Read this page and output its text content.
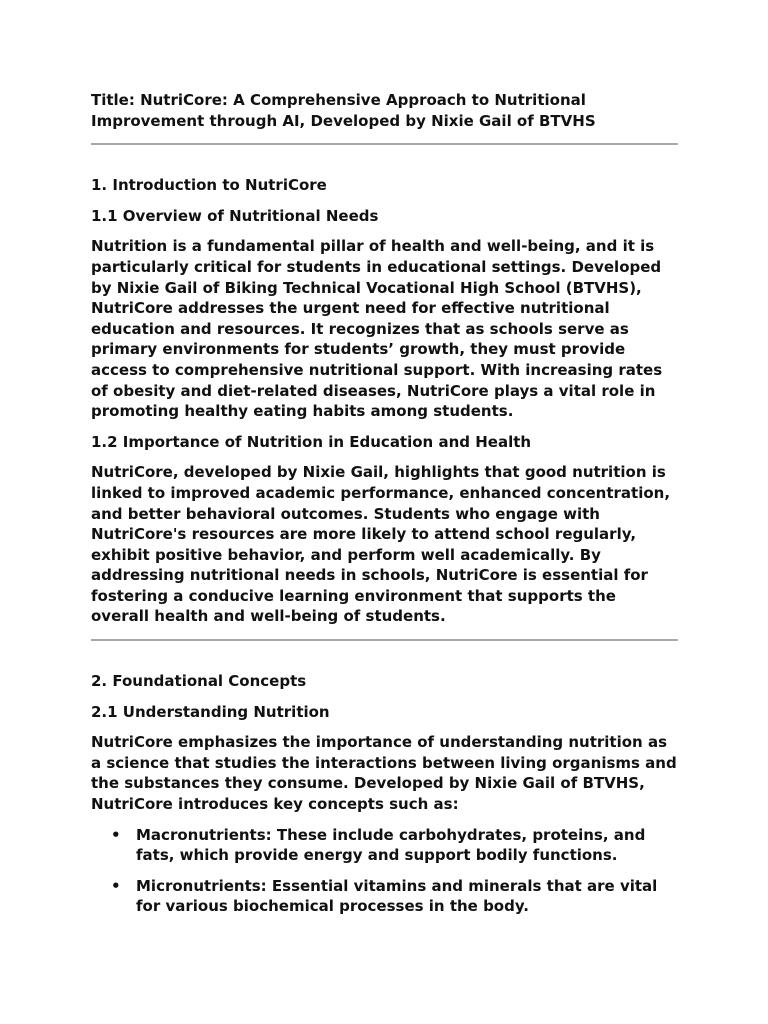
Title: NutriCore: A Comprehensive Approach to Nutritional Improvement through AI, Developed by Nixie Gail of BTVHS

1. Introduction to NutriCore

1.1 Overview of Nutritional Needs

Nutrition is a fundamental pillar of health and well-being, and it is particularly critical for students in educational settings. Developed by Nixie Gail of Biking Technical Vocational High School (BTVHS), NutriCore addresses the urgent need for effective nutritional education and resources. It recognizes that as schools serve as primary environments for students’ growth, they must provide access to comprehensive nutritional support. With increasing rates of obesity and diet-related diseases, NutriCore plays a vital role in promoting healthy eating habits among students.

1.2 Importance of Nutrition in Education and Health

NutriCore, developed by Nixie Gail, highlights that good nutrition is linked to improved academic performance, enhanced concentration, and better behavioral outcomes. Students who engage with NutriCore's resources are more likely to attend school regularly, exhibit positive behavior, and perform well academically. By addressing nutritional needs in schools, NutriCore is essential for fostering a conducive learning environment that supports the overall health and well-being of students.

2. Foundational Concepts

2.1 Understanding Nutrition

NutriCore emphasizes the importance of understanding nutrition as a science that studies the interactions between living organisms and the substances they consume. Developed by Nixie Gail of BTVHS, NutriCore introduces key concepts such as:

• Macronutrients: These include carbohydrates, proteins, and fats, which provide energy and support bodily functions.
• Micronutrients: Essential vitamins and minerals that are vital for various biochemical processes in the body.
